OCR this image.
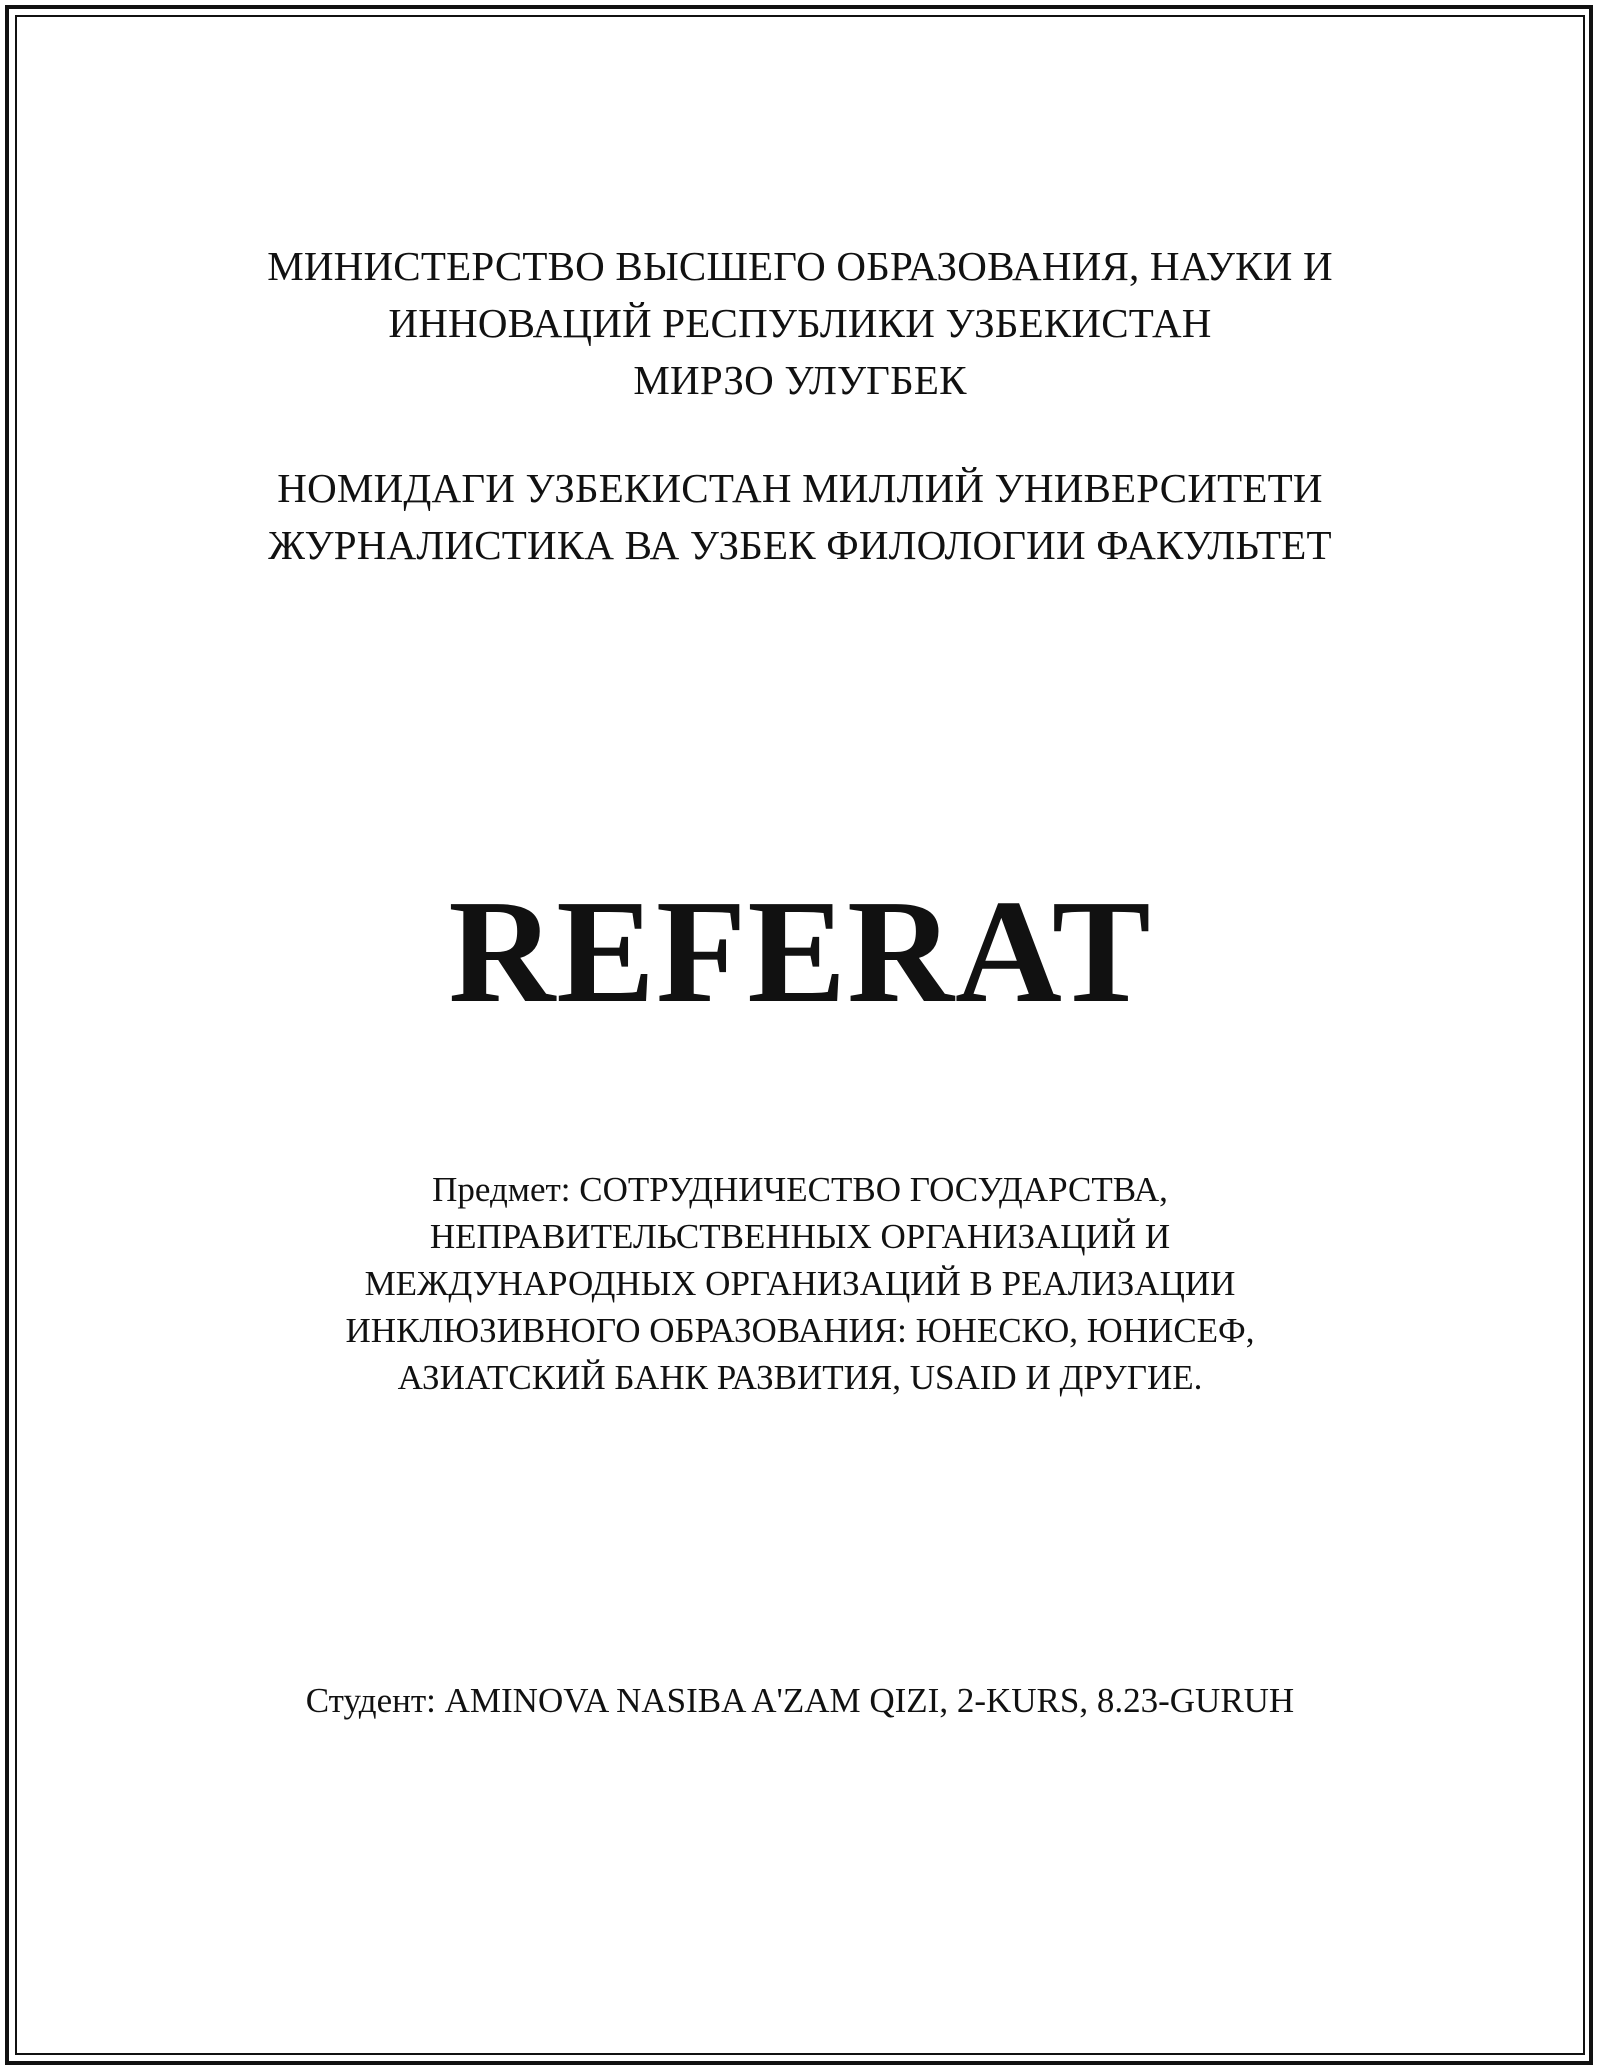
МИНИСТЕРСТВО ВЫСШЕГО ОБРАЗОВАНИЯ, НАУКИ И
ИННОВАЦИЙ РЕСПУБЛИКИ УЗБЕКИСТАН
МИРЗО УЛУГБЕК
НОМИДАГИ УЗБЕКИСТАН МИЛЛИЙ УНИВЕРСИТЕТИ
ЖУРНАЛИСТИКА ВА УЗБЕК ФИЛОЛОГИИ ФАКУЛЬТЕТ
REFERAT
Предмет: СОТРУДНИЧЕСТВО ГОСУДАРСТВА,
НЕПРАВИТЕЛЬСТВЕННЫХ ОРГАНИЗАЦИЙ И
МЕЖДУНАРОДНЫХ ОРГАНИЗАЦИЙ В РЕАЛИЗАЦИИ
ИНКЛЮЗИВНОГО ОБРАЗОВАНИЯ: ЮНЕСКО, ЮНИСЕФ,
АЗИАТСКИЙ БАНК РАЗВИТИЯ, USAID И ДРУГИЕ.
Студент: AMINOVA NASIBA A'ZAM QIZI, 2-KURS, 8.23-GURUH
